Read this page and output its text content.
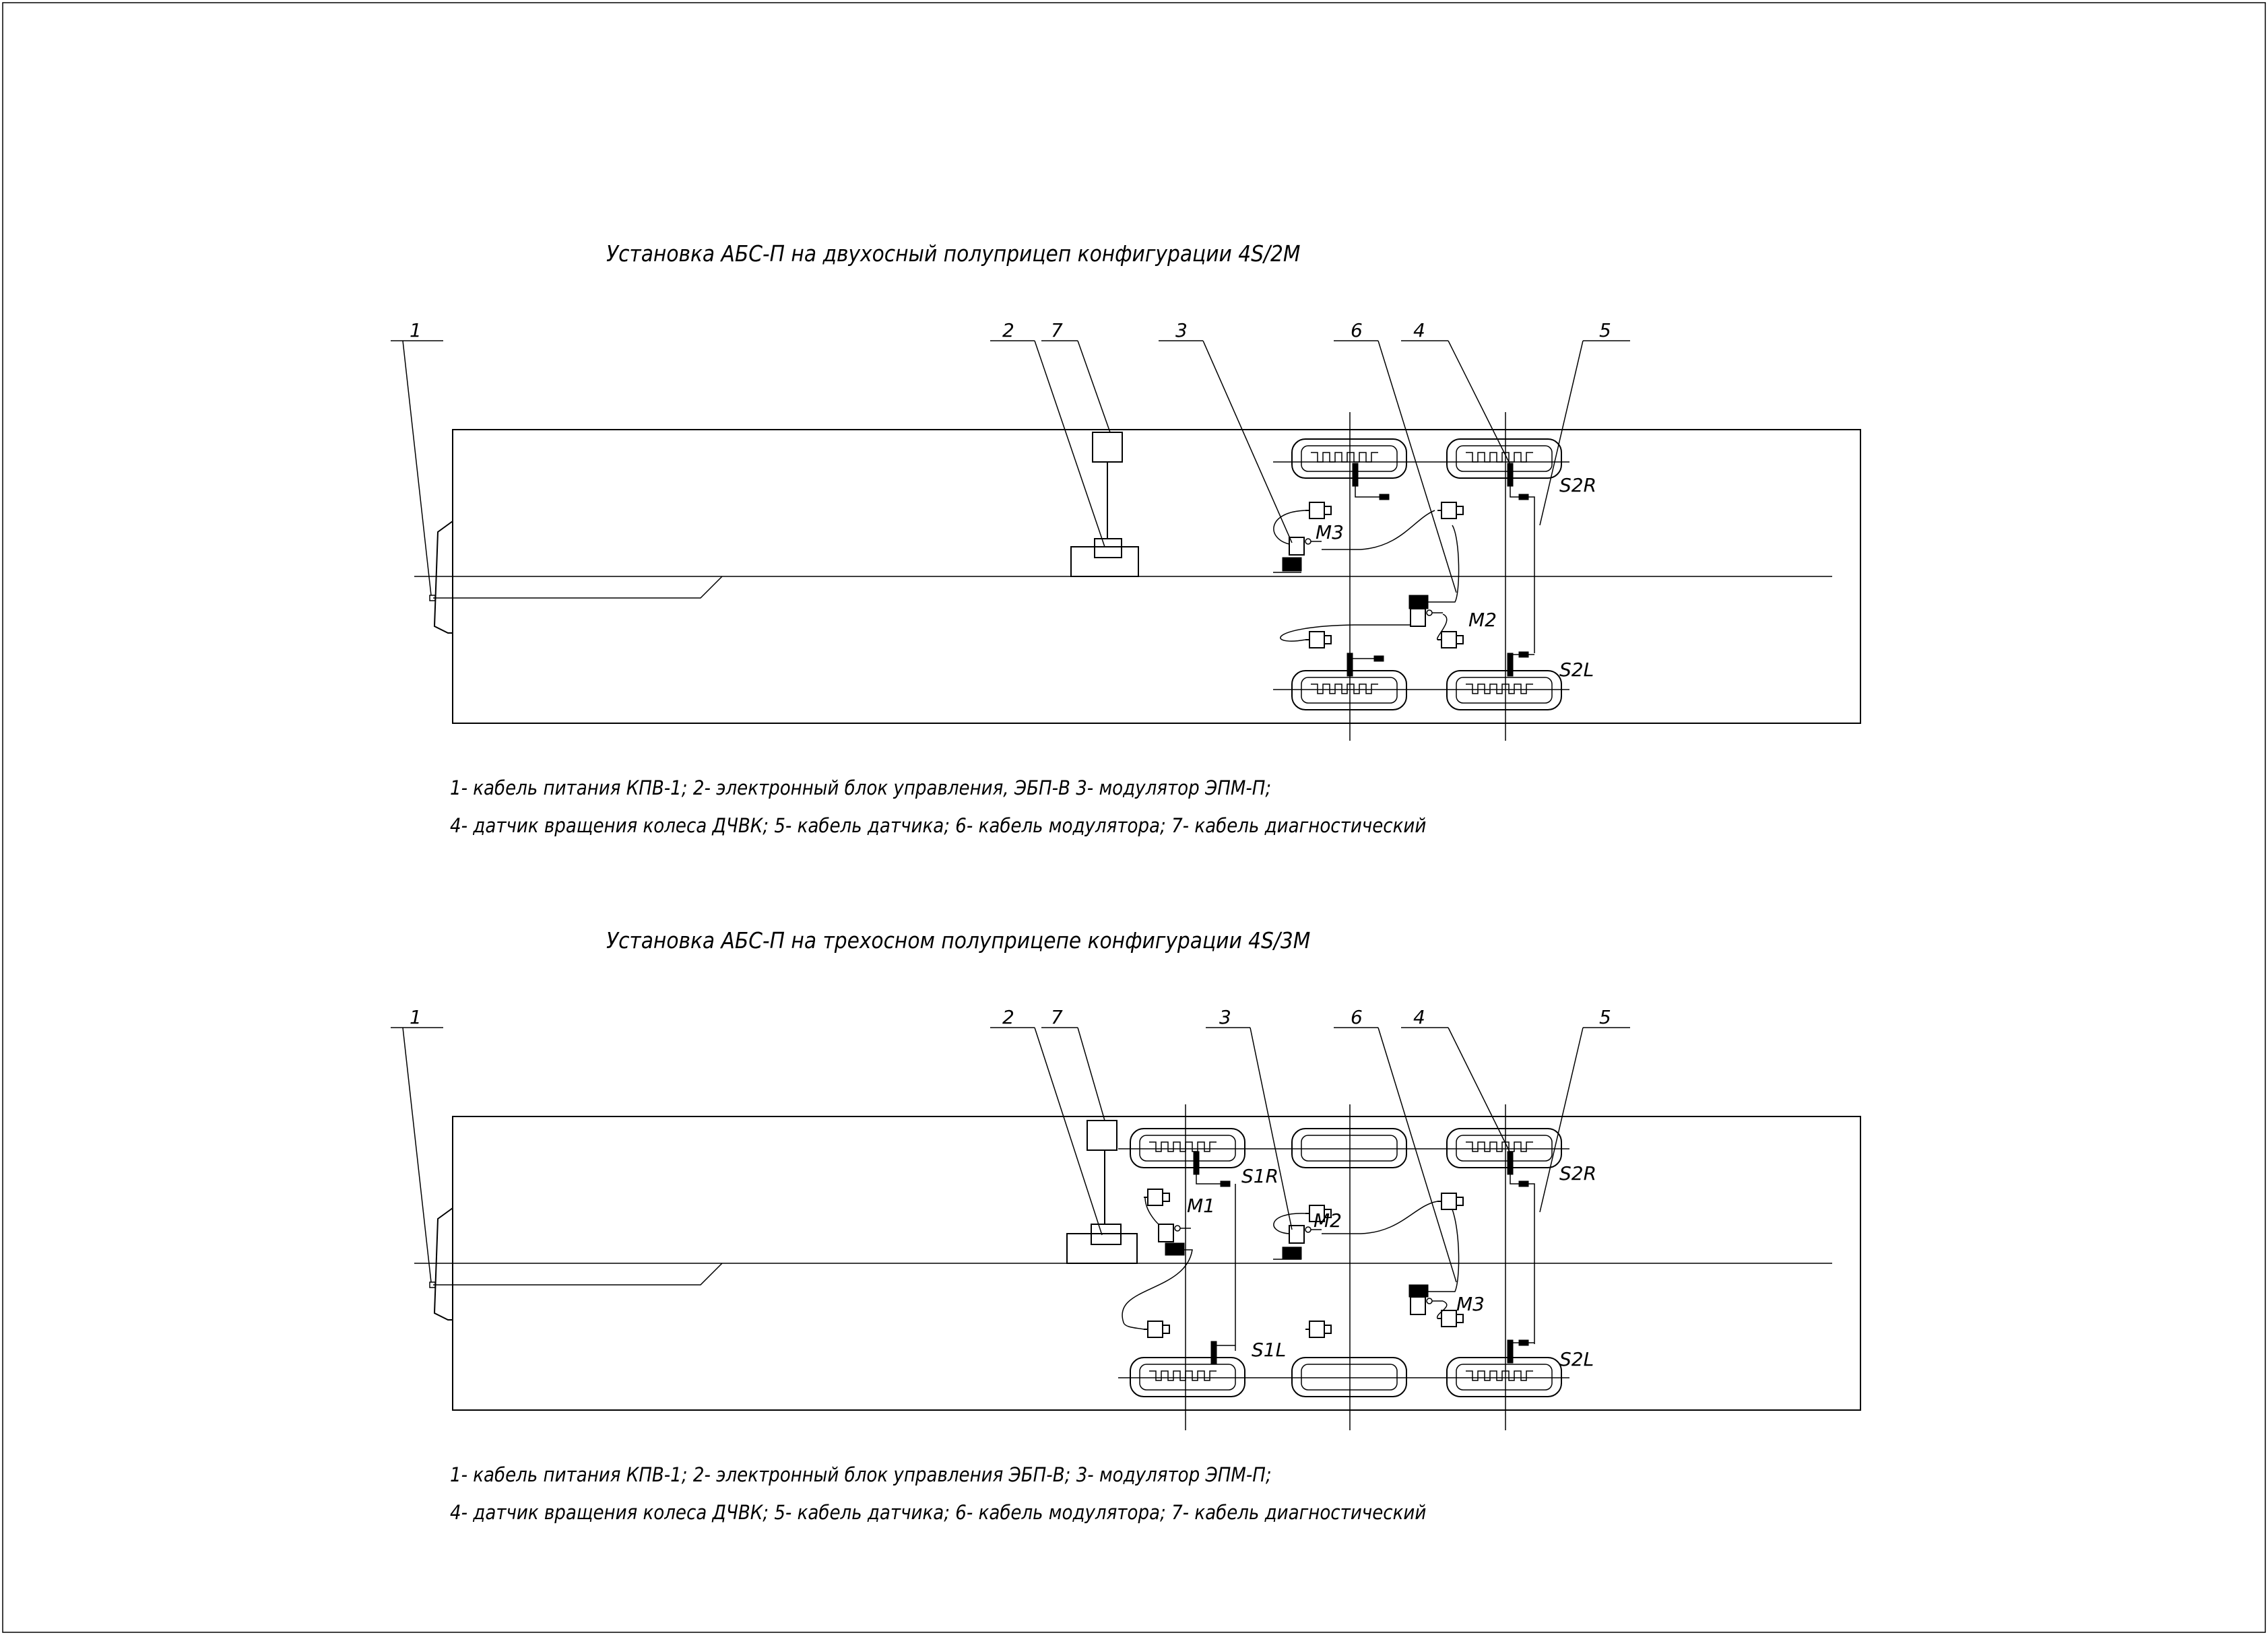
Установка АБС-П на двухосный полуприцеп конфигурации 4S/2M
M3
M2
S2R
S2L
1	2 7	3	6	4	5
1- кабель питания КПВ-1; 2- электронный блок управления, ЭБП-В 3- модулятор ЭПМ-П;
4- датчик вращения колеса ДЧВК; 5- кабель датчика; 6- кабель модулятора; 7- кабель диагностический
Установка АБС-П на трехосном полуприцепе конфигурации 4S/3M
M1
M2
M3
S1R
S1L
S2R
S2L
1	2 7	3	6	4	5
1- кабель питания КПВ-1; 2- электронный блок управления ЭБП-В; 3- модулятор ЭПМ-П;
4- датчик вращения колеса ДЧВК; 5- кабель датчика; 6- кабель модулятора; 7- кабель диагностический
